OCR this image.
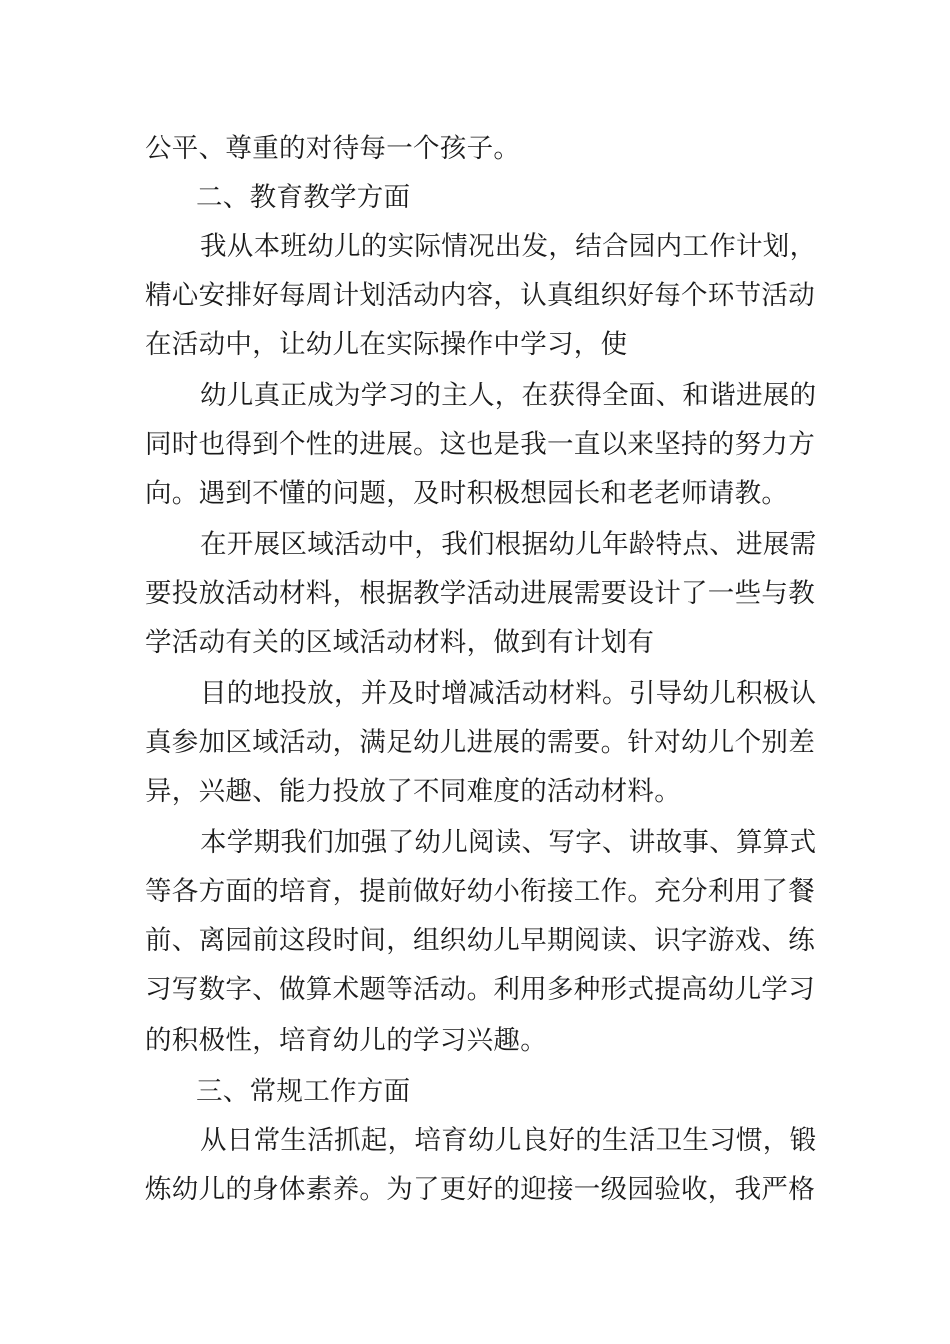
公平、尊重的对待每一个孩子。
二、教育教学方面
我从本班幼儿的实际情况出发，结合园内工作计划，
精心安排好每周计划活动内容，认真组织好每个环节活动
在活动中，让幼儿在实际操作中学习，使
幼儿真正成为学习的主人，在获得全面、和谐进展的
同时也得到个性的进展。这也是我一直以来坚持的努力方
向。遇到不懂的问题，及时积极想园长和老老师请教。
在开展区域活动中，我们根据幼儿年龄特点、进展需
要投放活动材料，根据教学活动进展需要设计了一些与教
学活动有关的区域活动材料，做到有计划有
目的地投放，并及时增减活动材料。引导幼儿积极认
真参加区域活动，满足幼儿进展的需要。针对幼儿个别差
异，兴趣、能力投放了不同难度的活动材料。
本学期我们加强了幼儿阅读、写字、讲故事、算算式
等各方面的培育，提前做好幼小衔接工作。充分利用了餐
前、离园前这段时间，组织幼儿早期阅读、识字游戏、练
习写数字、做算术题等活动。利用多种形式提高幼儿学习
的积极性，培育幼儿的学习兴趣。
三、常规工作方面
从日常生活抓起，培育幼儿良好的生活卫生习惯，锻
炼幼儿的身体素养。为了更好的迎接一级园验收，我严格
